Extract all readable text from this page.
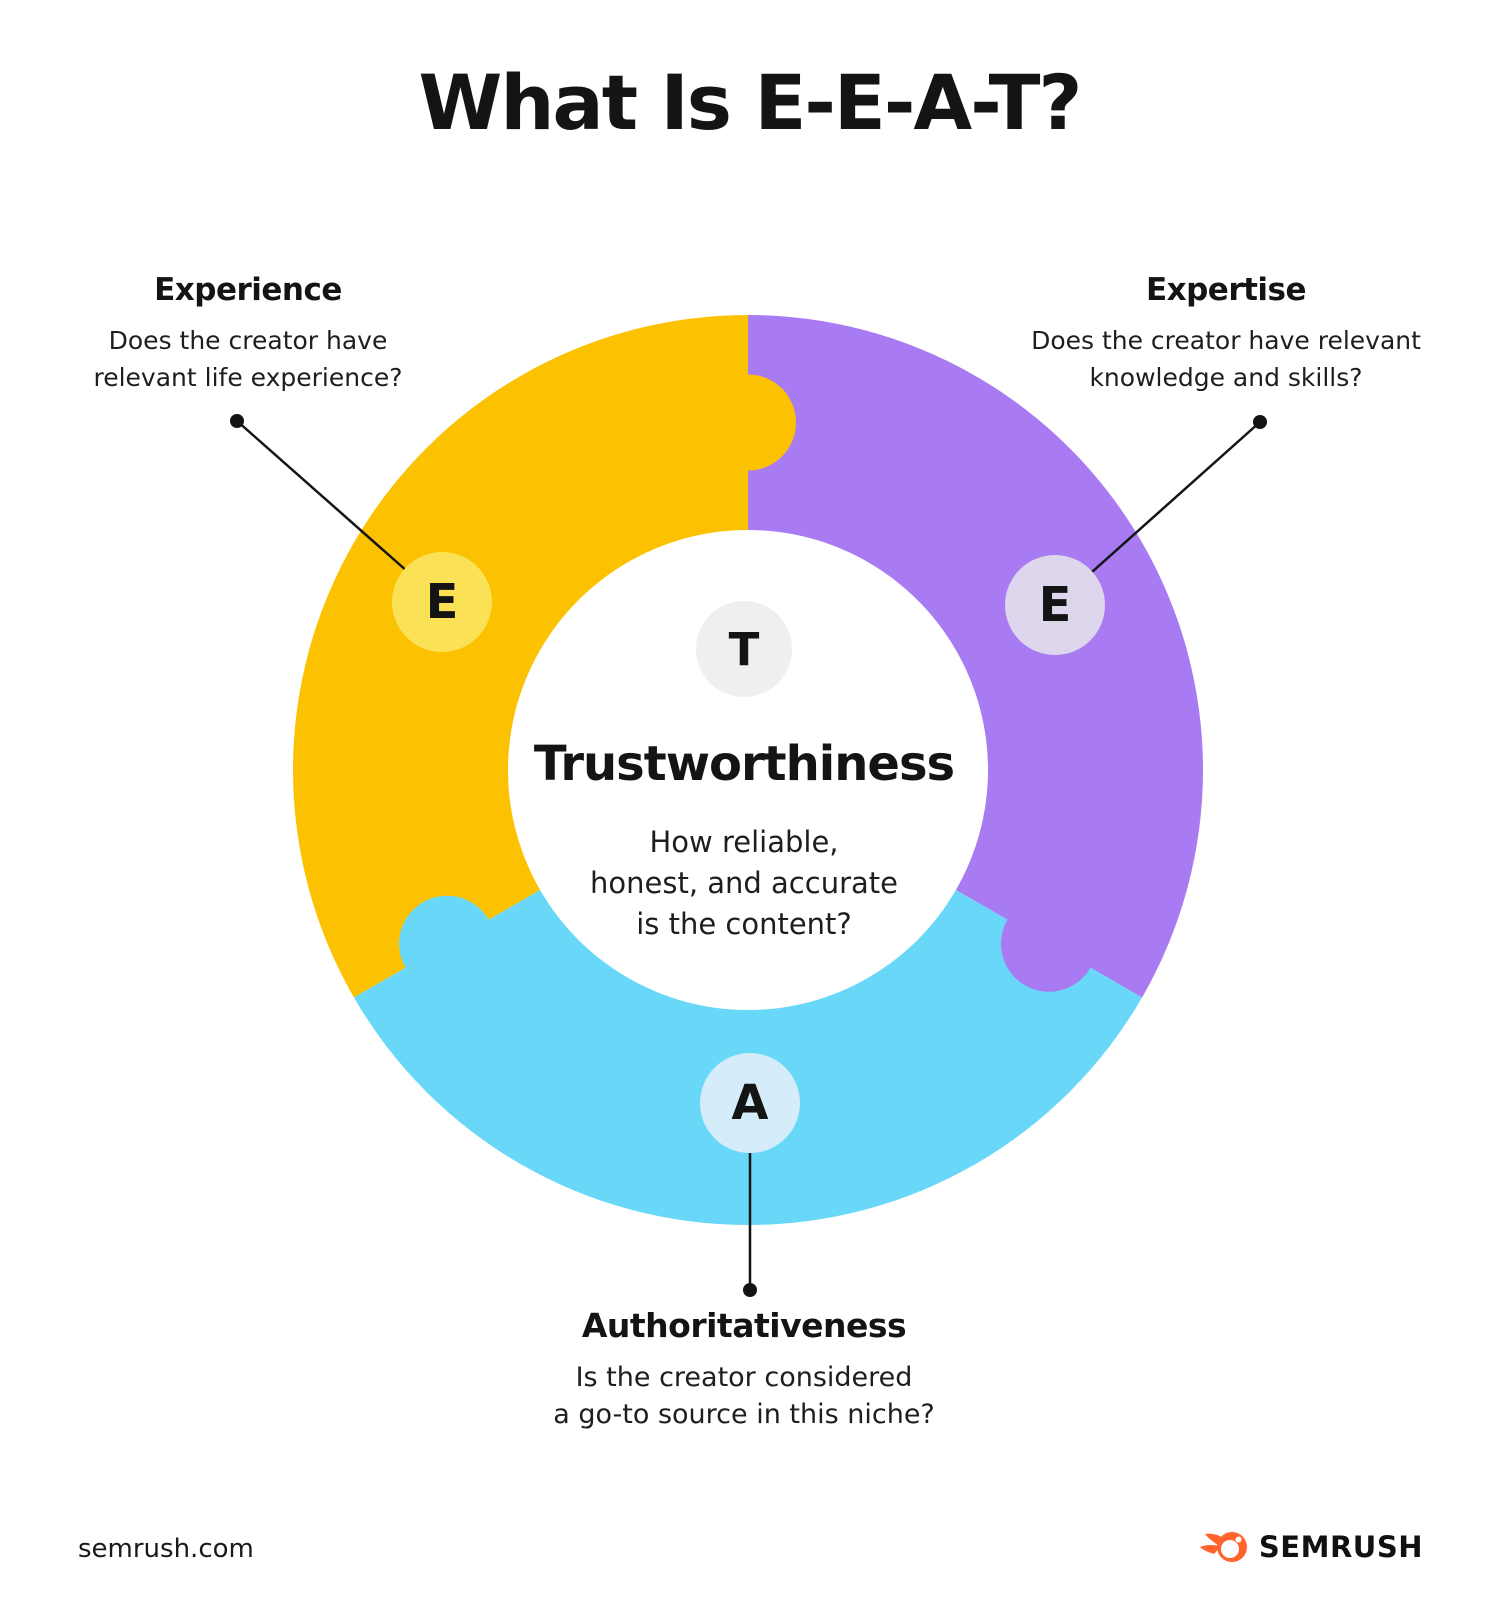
What Is E-E-A-T?
E	E
A
T
Experience
Does the creator have
relevant life experience?
Expertise
Does the creator have relevant
knowledge and skills?
Authoritativeness
Is the creator considered
a go-to source in this niche?
Trustworthiness
How reliable,
honest, and accurate
is the content?
semrush.com	SEMRUSH
